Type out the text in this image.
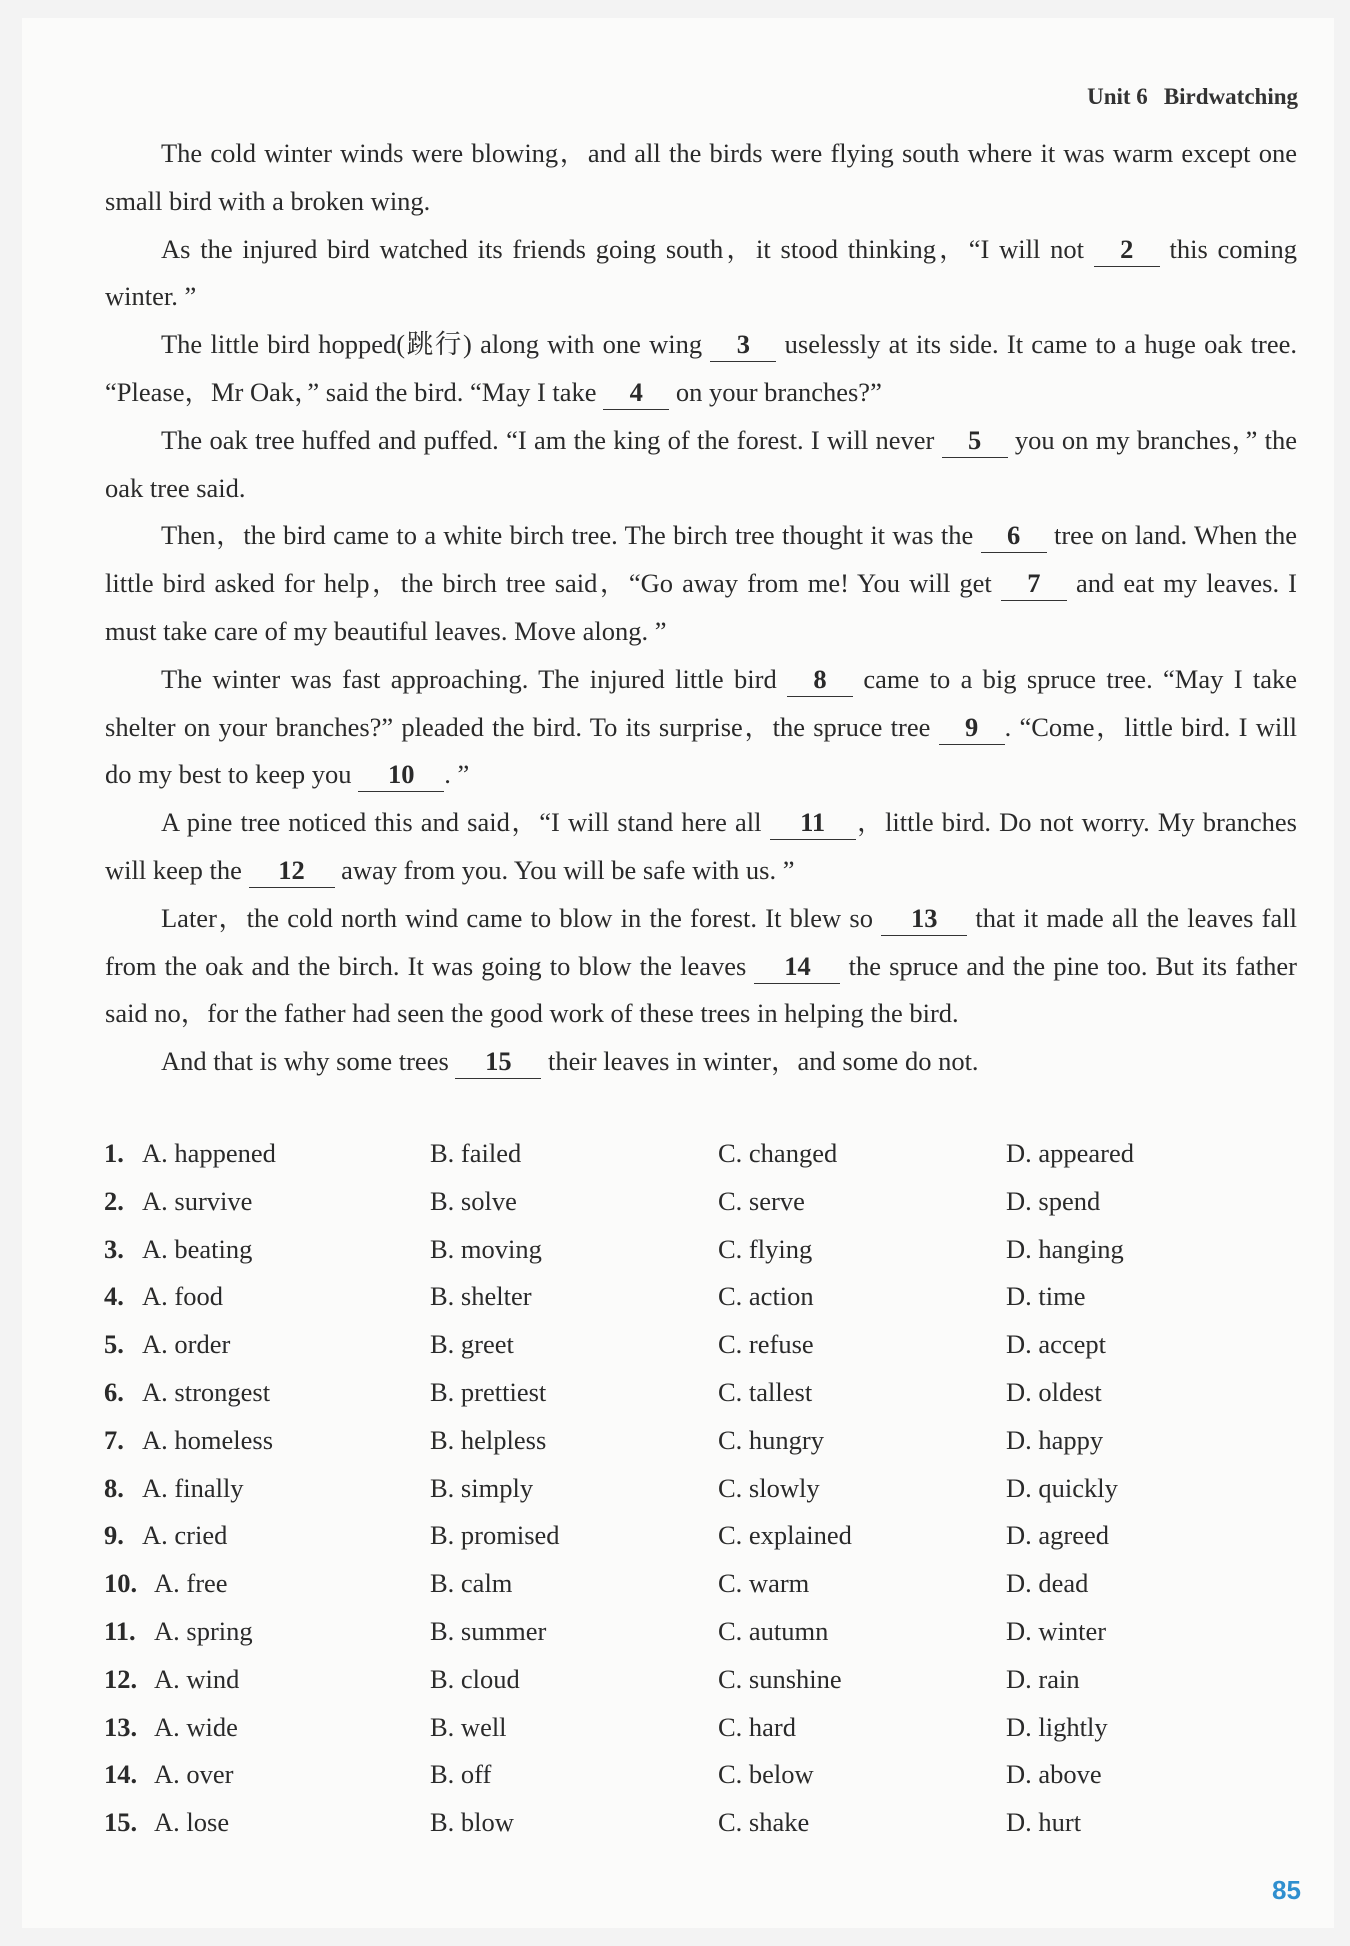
Unit 6 Birdwatching

The cold winter winds were blowing，and all the birds were flying south where it was warm except one small bird with a broken wing.

As the injured bird watched its friends going south，it stood thinking，“I will not 2 this coming winter. ”

The little bird hopped(跳行) along with one wing 3 uselessly at its side. It came to a huge oak tree. “Please，Mr Oak，” said the bird. “May I take 4 on your branches?”

The oak tree huffed and puffed. “I am the king of the forest. I will never 5 you on my branches，” the oak tree said.

Then，the bird came to a white birch tree. The birch tree thought it was the 6 tree on land. When the little bird asked for help，the birch tree said，“Go away from me! You will get 7 and eat my leaves. I must take care of my beautiful leaves. Move along. ”

The winter was fast approaching. The injured little bird 8 came to a big spruce tree. “May I take shelter on your branches?” pleaded the bird. To its surprise，the spruce tree 9 . “Come，little bird. I will do my best to keep you 10 . ”

A pine tree noticed this and said，“I will stand here all 11 ，little bird. Do not worry. My branches will keep the 12 away from you. You will be safe with us. ”

Later，the cold north wind came to blow in the forest. It blew so 13 that it made all the leaves fall from the oak and the birch. It was going to blow the leaves 14 the spruce and the pine too. But its father said no，for the father had seen the good work of these trees in helping the bird.

And that is why some trees 15 their leaves in winter，and some do not.

1. A. happened	B. failed	C. changed	D. appeared
2. A. survive	B. solve	C. serve	D. spend
3. A. beating	B. moving	C. flying	D. hanging
4. A. food	B. shelter	C. action	D. time
5. A. order	B. greet	C. refuse	D. accept
6. A. strongest	B. prettiest	C. tallest	D. oldest
7. A. homeless	B. helpless	C. hungry	D. happy
8. A. finally	B. simply	C. slowly	D. quickly
9. A. cried	B. promised	C. explained	D. agreed
10. A. free	B. calm	C. warm	D. dead
11. A. spring	B. summer	C. autumn	D. winter
12. A. wind	B. cloud	C. sunshine	D. rain
13. A. wide	B. well	C. hard	D. lightly
14. A. over	B. off	C. below	D. above
15. A. lose	B. blow	C. shake	D. hurt
85
